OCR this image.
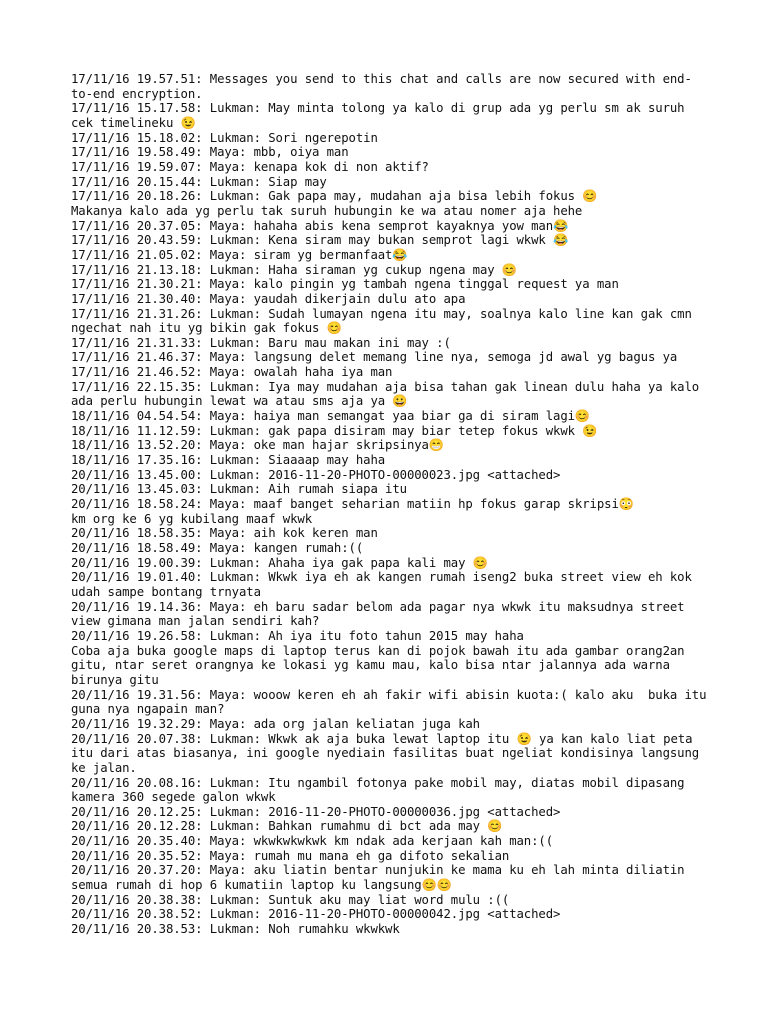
17/11/16 19.57.51: Messages you send to this chat and calls are now secured with end-to-end encryption.

17/11/16 15.17.58: Lukman: May minta tolong ya kalo di grup ada yg perlu sm ak suruh cek timelineku 😉

17/11/16 15.18.02: Lukman: Sori ngerepotin

17/11/16 19.58.49: Maya: mbb, oiya man

17/11/16 19.59.07: Maya: kenapa kok di non aktif?

17/11/16 20.15.44: Lukman: Siap may

17/11/16 20.18.26: Lukman: Gak papa may, mudahan aja bisa lebih fokus 😊
Makanya kalo ada yg perlu tak suruh hubungin ke wa atau nomer aja hehe

17/11/16 20.37.05: Maya: hahaha abis kena semprot kayaknya yow man😂

17/11/16 20.43.59: Lukman: Kena siram may bukan semprot lagi wkwk 😂

17/11/16 21.05.02: Maya: siram yg bermanfaat😂

17/11/16 21.13.18: Lukman: Haha siraman yg cukup ngena may 😊

17/11/16 21.30.21: Maya: kalo pingin yg tambah ngena tinggal request ya man

17/11/16 21.30.40: Maya: yaudah dikerjain dulu ato apa

17/11/16 21.31.26: Lukman: Sudah lumayan ngena itu may, soalnya kalo line kan gak cmn ngechat nah itu yg bikin gak fokus 😊

17/11/16 21.31.33: Lukman: Baru mau makan ini may :(

17/11/16 21.46.37: Maya: langsung delet memang line nya, semoga jd awal yg bagus ya

17/11/16 21.46.52: Maya: owalah haha iya man

17/11/16 22.15.35: Lukman: Iya may mudahan aja bisa tahan gak linean dulu haha ya kalo ada perlu hubungin lewat wa atau sms aja ya 😀

18/11/16 04.54.54: Maya: haiya man semangat yaa biar ga di siram lagi😊

18/11/16 11.12.59: Lukman: gak papa disiram may biar tetep fokus wkwk 😉

18/11/16 13.52.20: Maya: oke man hajar skripsinya😁

18/11/16 17.35.16: Lukman: Siaaaap may haha

20/11/16 13.45.00: Lukman: 2016-11-20-PHOTO-00000023.jpg <attached>

20/11/16 13.45.03: Lukman: Aih rumah siapa itu

20/11/16 18.58.24: Maya: maaf banget seharian matiin hp fokus garap skripsi😳
km org ke 6 yg kubilang maaf wkwk

20/11/16 18.58.35: Maya: aih kok keren man

20/11/16 18.58.49: Maya: kangen rumah:((

20/11/16 19.00.39: Lukman: Ahaha iya gak papa kali may 😊

20/11/16 19.01.40: Lukman: Wkwk iya eh ak kangen rumah iseng2 buka street view eh kok udah sampe bontang trnyata

20/11/16 19.14.36: Maya: eh baru sadar belom ada pagar nya wkwk itu maksudnya street view gimana man jalan sendiri kah?

20/11/16 19.26.58: Lukman: Ah iya itu foto tahun 2015 may haha
Coba aja buka google maps di laptop terus kan di pojok bawah itu ada gambar orang2an gitu, ntar seret orangnya ke lokasi yg kamu mau, kalo bisa ntar jalannya ada warna birunya gitu

20/11/16 19.31.56: Maya: wooow keren eh ah fakir wifi abisin kuota:( kalo aku  buka itu guna nya ngapain man?

20/11/16 19.32.29: Maya: ada org jalan keliatan juga kah

20/11/16 20.07.38: Lukman: Wkwk ak aja buka lewat laptop itu 😉 ya kan kalo liat peta itu dari atas biasanya, ini google nyediain fasilitas buat ngeliat kondisinya langsung ke jalan.

20/11/16 20.08.16: Lukman: Itu ngambil fotonya pake mobil may, diatas mobil dipasang kamera 360 segede galon wkwk

20/11/16 20.12.25: Lukman: 2016-11-20-PHOTO-00000036.jpg <attached>

20/11/16 20.12.28: Lukman: Bahkan rumahmu di bct ada may 😊

20/11/16 20.35.40: Maya: wkwkwkwkwk km ndak ada kerjaan kah man:((

20/11/16 20.35.52: Maya: rumah mu mana eh ga difoto sekalian

20/11/16 20.37.20: Maya: aku liatin bentar nunjukin ke mama ku eh lah minta diliatin semua rumah di hop 6 kumatiin laptop ku langsung😊😊

20/11/16 20.38.38: Lukman: Suntuk aku may liat word mulu :((

20/11/16 20.38.52: Lukman: 2016-11-20-PHOTO-00000042.jpg <attached>

20/11/16 20.38.53: Lukman: Noh rumahku wkwkwk
